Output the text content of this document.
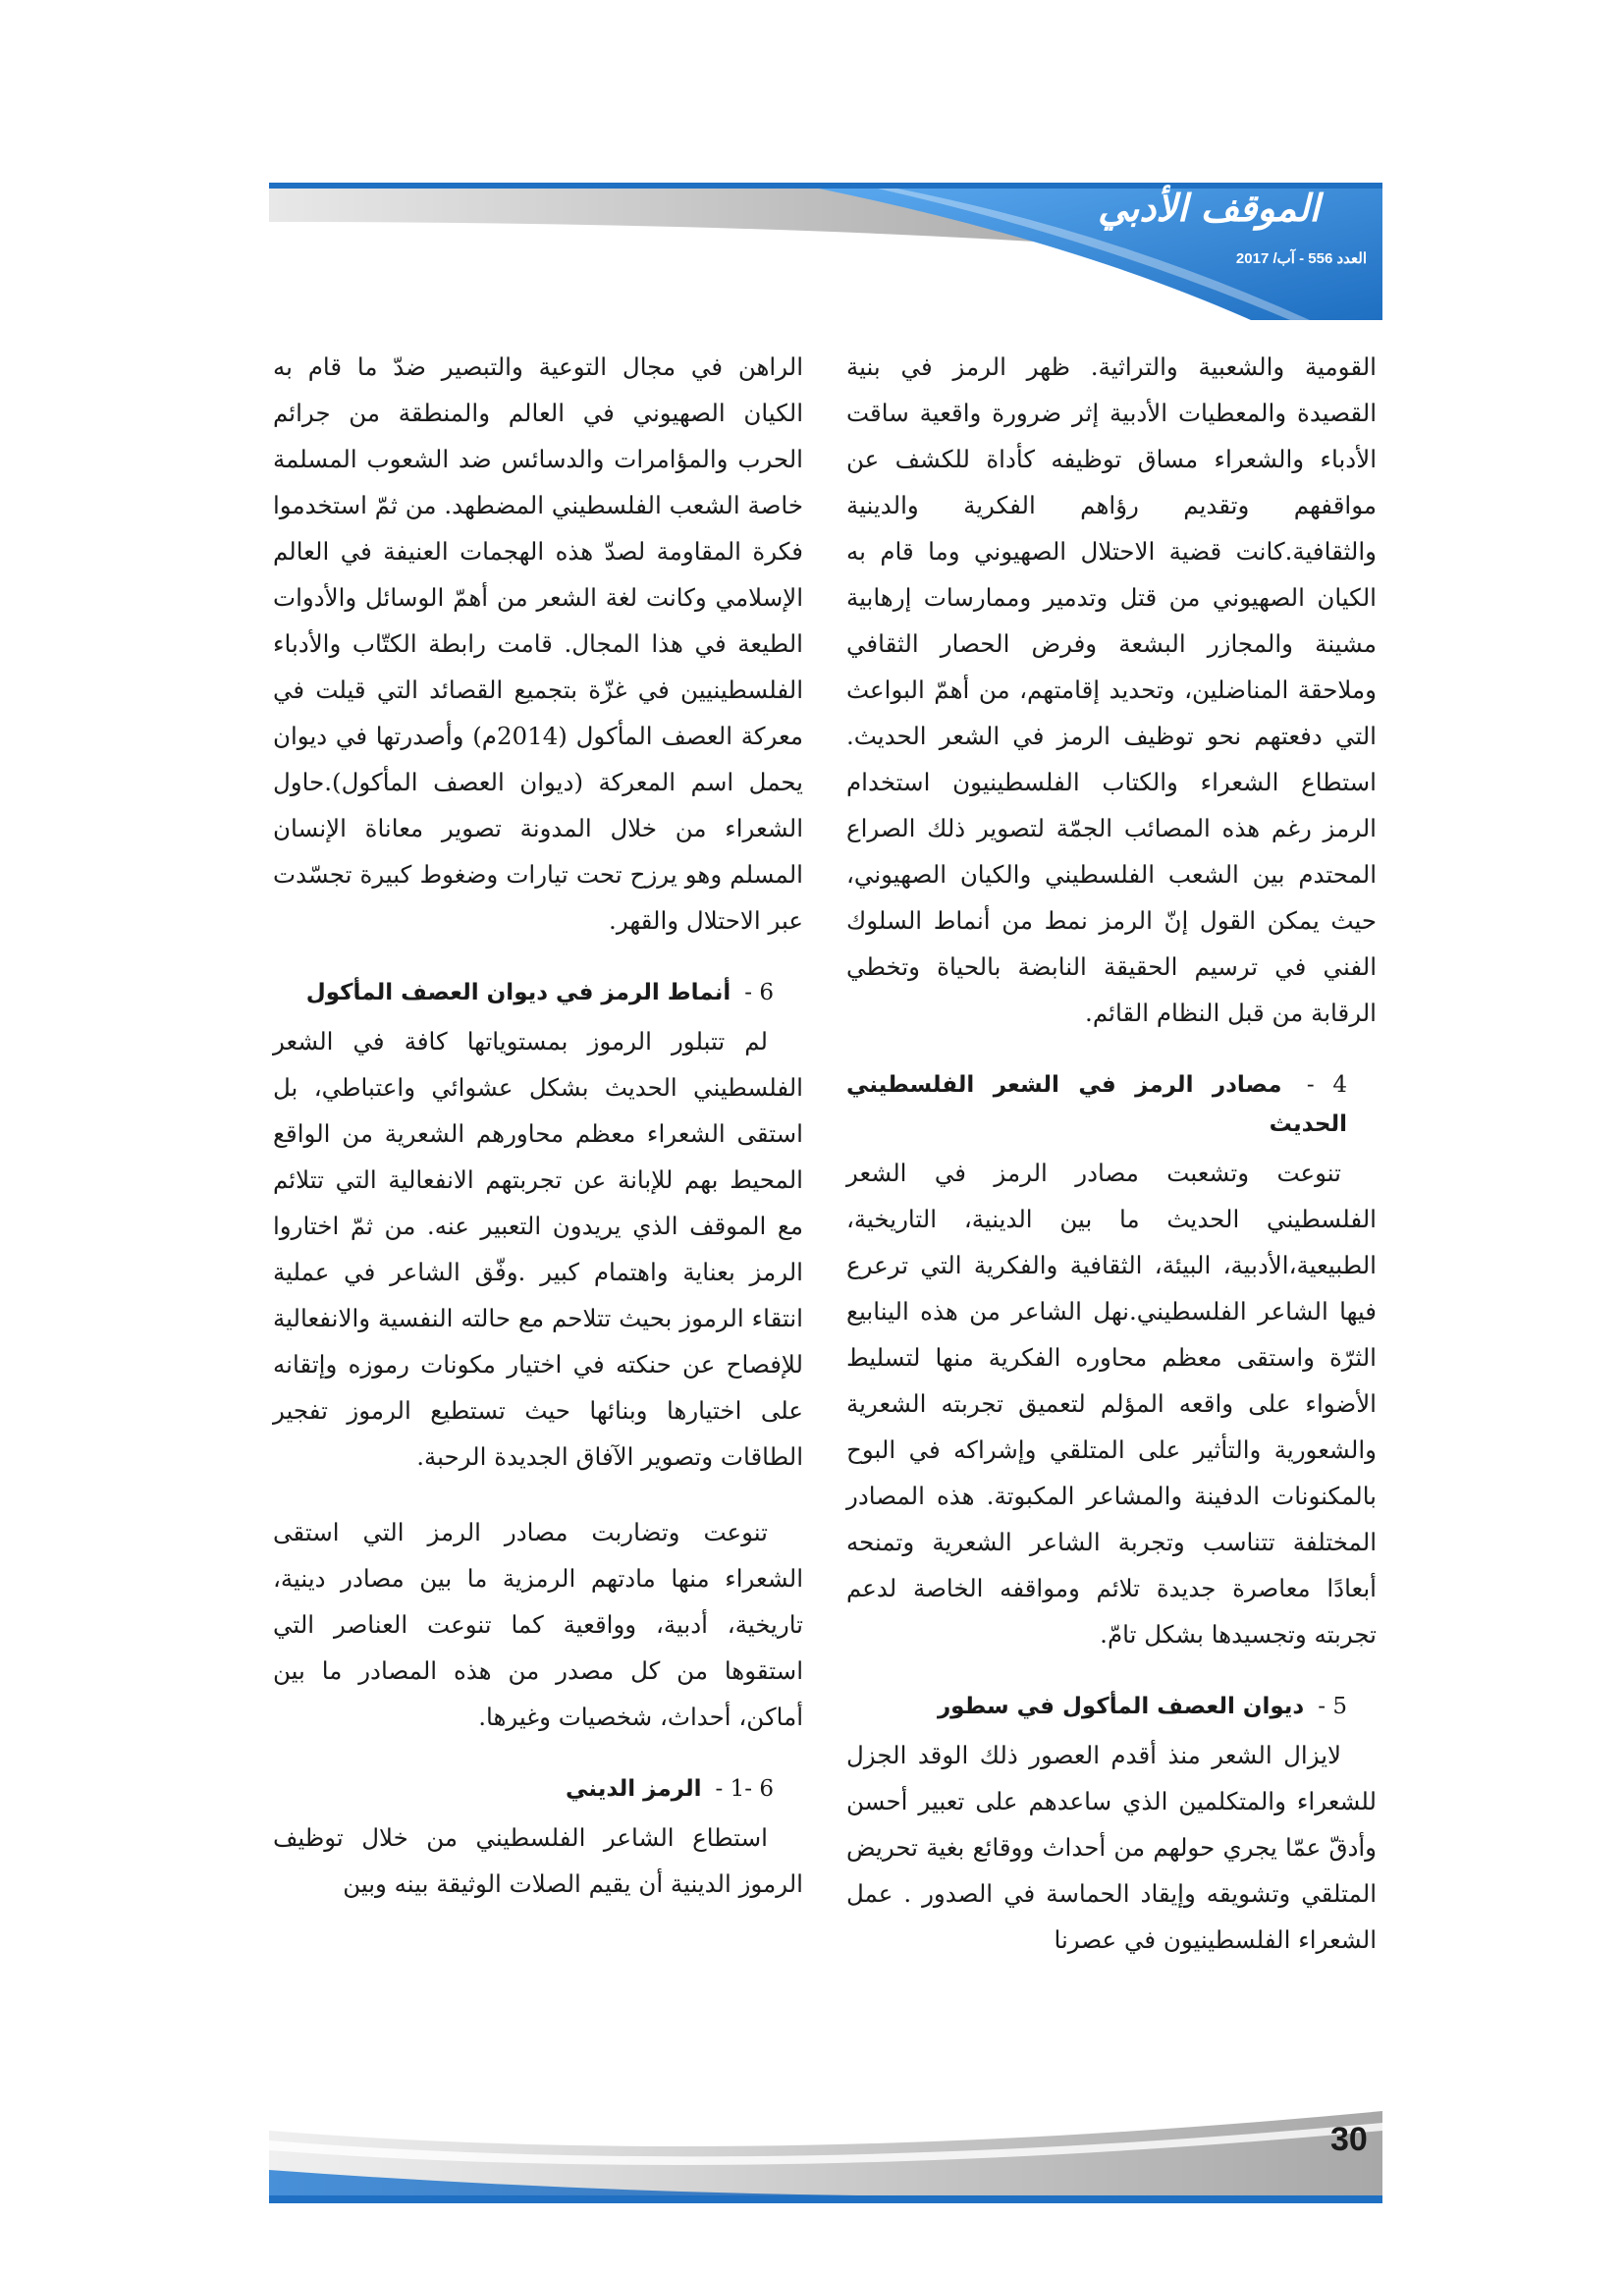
الموقف الأدبي
العدد 556 - آب/ 2017

القومية والشعبية والتراثية. ظهر الرمز في بنية القصيدة والمعطيات الأدبية إثر ضرورة واقعية ساقت الأدباء والشعراء مساق توظيفه كأداة للكشف عن مواقفهم وتقديم رؤاهم الفكرية والدينية والثقافية.كانت قضية الاحتلال الصهيوني وما قام به الكيان الصهيوني من قتل وتدمير وممارسات إرهابية مشينة والمجازر البشعة وفرض الحصار الثقافي وملاحقة المناضلين، وتحديد إقامتهم، من أهمّ البواعث التي دفعتهم نحو توظيف الرمز في الشعر الحديث. استطاع الشعراء والكتاب الفلسطينيون استخدام الرمز رغم هذه المصائب الجمّة لتصوير ذلك الصراع المحتدم بين الشعب الفلسطيني والكيان الصهيوني، حيث يمكن القول إنّ الرمز نمط من أنماط السلوك الفني في ترسيم الحقيقة النابضة بالحياة وتخطي الرقابة من قبل النظام القائم.

4 - مصادر الرمز في الشعر الفلسطيني الحديث

تنوعت وتشعبت مصادر الرمز في الشعر الفلسطيني الحديث ما بين الدينية، التاريخية، الطبيعية،الأدبية، البيئة، الثقافية والفكرية التي ترعرع فيها الشاعر الفلسطيني.نهل الشاعر من هذه الينابيع الثرّة واستقى معظم محاوره الفكرية منها لتسليط الأضواء على واقعه المؤلم لتعميق تجربته الشعرية والشعورية والتأثير على المتلقي وإشراكه في البوح بالمكنونات الدفينة والمشاعر المكبوتة. هذه المصادر المختلفة تتناسب وتجربة الشاعر الشعرية وتمنحه أبعادًا معاصرة جديدة تلائم ومواقفه الخاصة لدعم تجربته وتجسيدها بشكل تامّ.

5 - ديوان العصف المأكول في سطور

لايزال الشعر منذ أقدم العصور ذلك الوقد الجزل للشعراء والمتكلمين الذي ساعدهم على تعبير أحسن وأدقّ عمّا يجري حولهم من أحداث ووقائع بغية تحريض المتلقي وتشويقه وإيقاد الحماسة في الصدور . عمل الشعراء الفلسطينيون في عصرنا

الراهن في مجال التوعية والتبصير ضدّ ما قام به الكيان الصهيوني في العالم والمنطقة من جرائم الحرب والمؤامرات والدسائس ضد الشعوب المسلمة خاصة الشعب الفلسطيني المضطهد. من ثمّ استخدموا فكرة المقاومة لصدّ هذه الهجمات العنيفة في العالم الإسلامي وكانت لغة الشعر من أهمّ الوسائل والأدوات الطيعة في هذا المجال. قامت رابطة الكتّاب والأدباء الفلسطينيين في غزّة بتجميع القصائد التي قيلت في معركة العصف المأكول (2014م) وأصدرتها في ديوان يحمل اسم المعركة (ديوان العصف المأكول).حاول الشعراء من خلال المدونة تصوير معاناة الإنسان المسلم وهو يرزح تحت تيارات وضغوط كبيرة تجسّدت عبر الاحتلال والقهر.

6 - أنماط الرمز في ديوان العصف المأكول

لم تتبلور الرموز بمستوياتها كافة في الشعر الفلسطيني الحديث بشكل عشوائي واعتباطي، بل استقى الشعراء معظم محاورهم الشعرية من الواقع المحيط بهم للإبانة عن تجربتهم الانفعالية التي تتلائم مع الموقف الذي يريدون التعبير عنه. من ثمّ اختاروا الرمز بعناية واهتمام كبير .وفّق الشاعر في عملية انتقاء الرموز بحيث تتلاحم مع حالته النفسية والانفعالية للإفصاح عن حنكته في اختيار مكونات رموزه وإتقانه على اختيارها وبنائها حيث تستطيع الرموز تفجير الطاقات وتصوير الآفاق الجديدة الرحبة.

تنوعت وتضاربت مصادر الرمز التي استقى الشعراء منها مادتهم الرمزية ما بين مصادر دينية، تاريخية، أدبية، وواقعية كما تنوعت العناصر التي استقوها من كل مصدر من هذه المصادر ما بين أماكن، أحداث، شخصيات وغيرها.

6 -1 - الرمز الديني

استطاع الشاعر الفلسطيني من خلال توظيف الرموز الدينية أن يقيم الصلات الوثيقة بينه وبين

30
